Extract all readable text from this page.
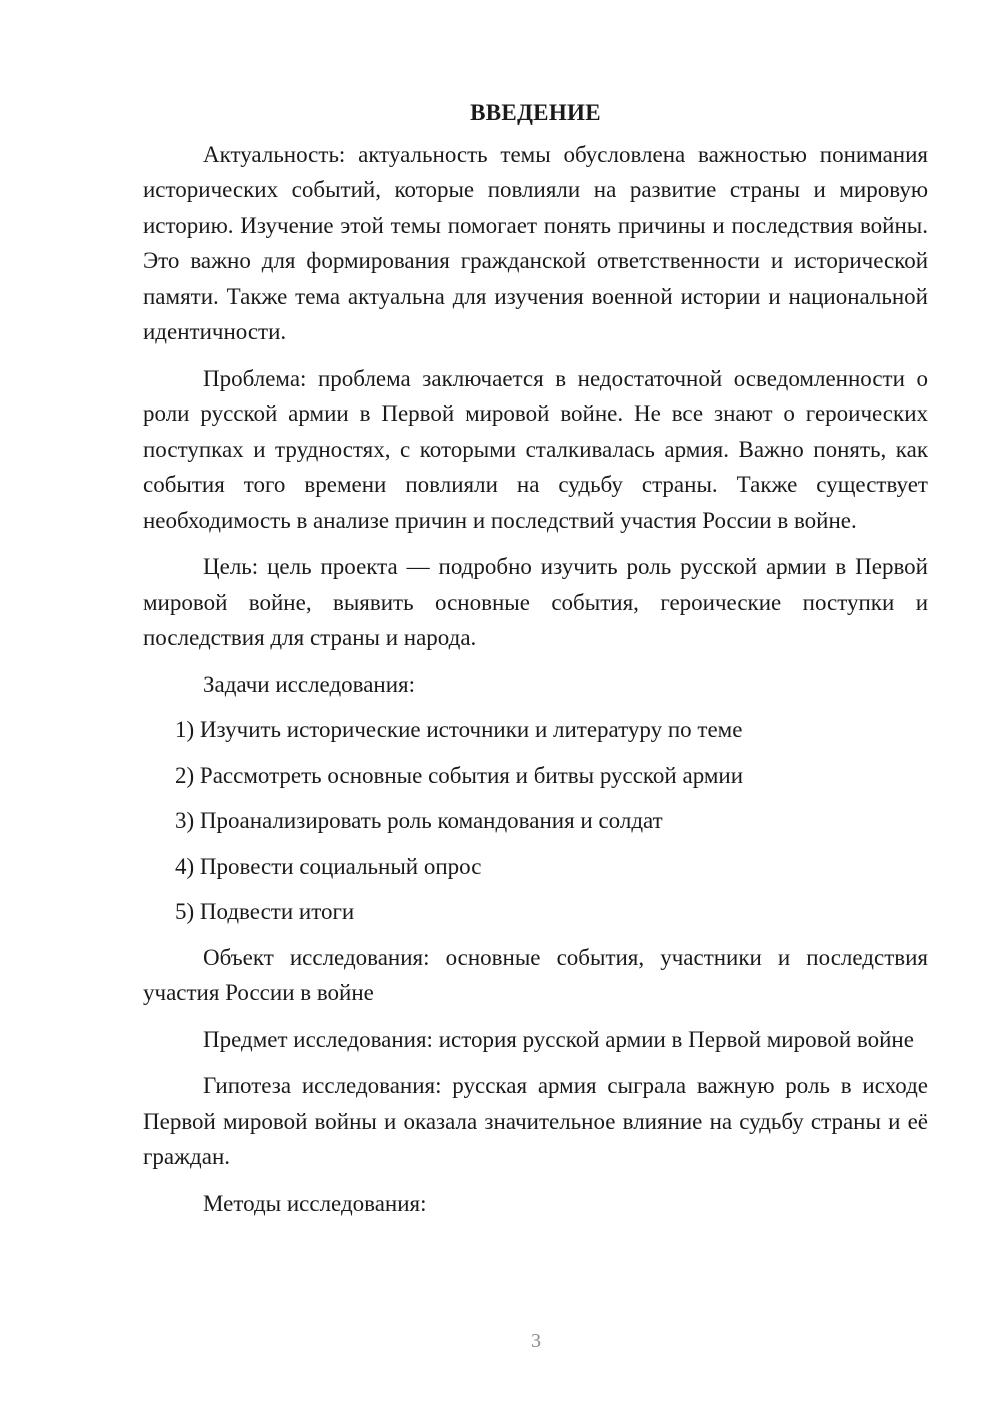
ВВЕДЕНИЕ

Актуальность: актуальность темы обусловлена важностью понимания исторических событий, которые повлияли на развитие страны и мировую историю. Изучение этой темы помогает понять причины и последствия войны. Это важно для формирования гражданской ответственности и исторической памяти. Также тема актуальна для изучения военной истории и национальной идентичности.

Проблема: проблема заключается в недостаточной осведомленности о роли русской армии в Первой мировой войне. Не все знают о героических поступках и трудностях, с которыми сталкивалась армия. Важно понять, как события того времени повлияли на судьбу страны. Также существует необходимость в анализе причин и последствий участия России в войне.

Цель: цель проекта — подробно изучить роль русской армии в Первой мировой войне, выявить основные события, героические поступки и последствия для страны и народа.

Задачи исследования:
1) Изучить исторические источники и литературу по теме
2) Рассмотреть основные события и битвы русской армии
3) Проанализировать роль командования и солдат
4) Провести социальный опрос
5) Подвести итоги

Объект исследования: основные события, участники и последствия участия России в войне

Предмет исследования: история русской армии в Первой мировой войне

Гипотеза исследования: русская армия сыграла важную роль в исходе Первой мировой войны и оказала значительное влияние на судьбу страны и её граждан.

Методы исследования:
3
